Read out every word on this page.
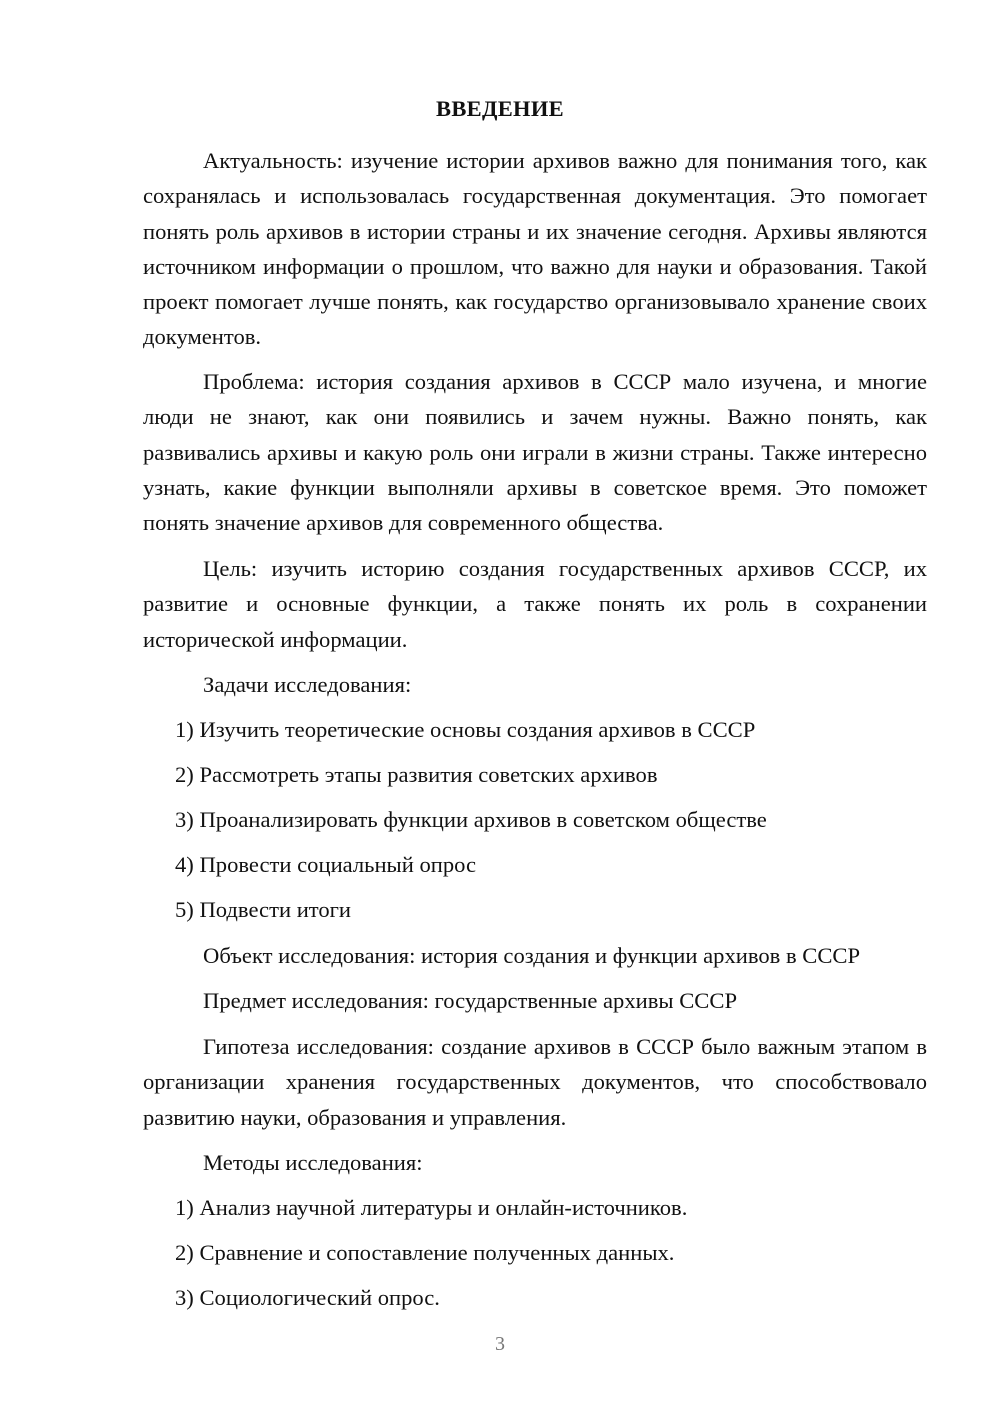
ВВЕДЕНИЕ

Актуальность: изучение истории архивов важно для понимания того, как сохранялась и использовалась государственная документация. Это помогает понять роль архивов в истории страны и их значение сегодня. Архивы являются источником информации о прошлом, что важно для науки и образования. Такой проект помогает лучше понять, как государство организовывало хранение своих документов.

Проблема: история создания архивов в СССР мало изучена, и многие люди не знают, как они появились и зачем нужны. Важно понять, как развивались архивы и какую роль они играли в жизни страны. Также интересно узнать, какие функции выполняли архивы в советское время. Это поможет понять значение архивов для современного общества.

Цель: изучить историю создания государственных архивов СССР, их развитие и основные функции, а также понять их роль в сохранении исторической информации.

Задачи исследования:
1) Изучить теоретические основы создания архивов в СССР
2) Рассмотреть этапы развития советских архивов
3) Проанализировать функции архивов в советском обществе
4) Провести социальный опрос
5) Подвести итоги
Объект исследования: история создания и функции архивов в СССР
Предмет исследования: государственные архивы СССР

Гипотеза исследования: создание архивов в СССР было важным этапом в организации хранения государственных документов, что способствовало развитию науки, образования и управления.

Методы исследования:
1) Анализ научной литературы и онлайн-источников.
2) Сравнение и сопоставление полученных данных.
3) Социологический опрос.
3
